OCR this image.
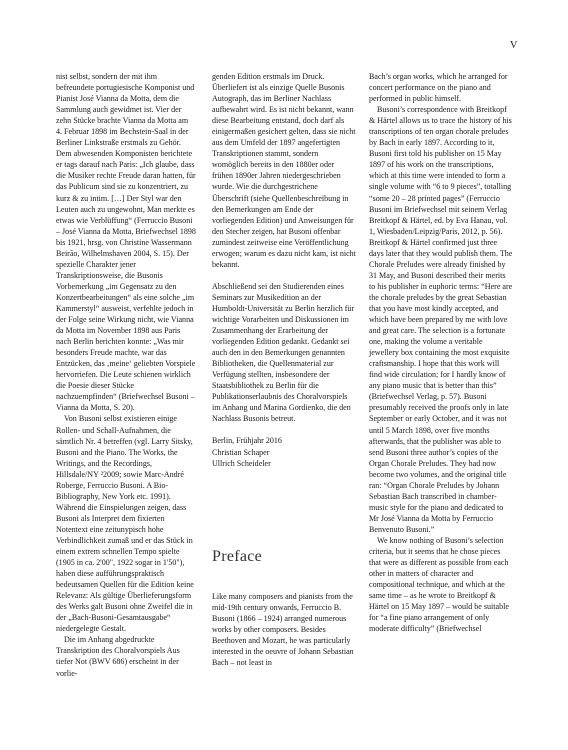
V

nist selbst, sondern der mit ihm befreundete portugiesische Komponist und Pianist José Vianna da Motta, dem die Sammlung auch gewidmet ist. Vier der zehn Stücke brachte Vianna da Motta am 4. Februar 1898 im Bechstein-Saal in der Berliner Linkstraße erstmals zu Gehör. Dem abwesenden Komponisten berichtete er tags darauf nach Paris: „Ich glaube, dass die Musiker rechte Freude daran hatten, für das Publicum sind sie zu konzentriert, zu kurz & zu intim. […] Der Styl war den Leuten auch zu ungewohnt, Man merkte es etwas wie Verblüffung“ (Ferruccio Busoni – José Vianna da Motta, Briefwechsel 1898 bis 1921, hrsg. von Christine Wassermann Beirão, Wilhelmshaven 2004, S. 15). Der spezielle Charakter jener Transkriptionsweise, die Busonis Vorbemerkung „im Gegensatz zu den Konzertbearbeitungen“ als eine solche „im Kammerstyl“ ausweist, verfehlte jedoch in der Folge seine Wirkung nicht, wie Vianna da Motta im November 1898 aus Paris nach Berlin berichten konnte: „Was mir besonders Freude machte, war das Entzücken, das ‚meine‘ geliebten Vorspiele hervorriefen. Die Leute schienen wirklich die Poesie dieser Stücke nachzuempfinden“ (Briefwechsel Busoni – Vianna da Motta, S. 20).

Von Busoni selbst existieren einige Rollen- und Schall-Aufnahmen, die sämtlich Nr. 4 betreffen (vgl. Larry Sitsky, Busoni and the Piano. The Works, the Writings, and the Recordings, Hillsdale/NY ²2009; sowie Marc-André Roberge, Ferruccio Busoni. A Bio-Bibliography, New York etc. 1991). Während die Einspielungen zeigen, dass Busoni als Interpret dem fixierten Notentext eine zeitunypisch hohe Verbindlichkeit zumaß und er das Stück in einem extrem schnellen Tempo spielte (1905 in ca. 2'00", 1922 sogar in 1'50"), haben diese aufführungspraktisch bedeutsamen Quellen für die Edition keine Relevanz: Als gültige Überlieferungsform des Werks galt Busoni ohne Zweifel die in der „Bach-Busoni-Gesamtausgabe“ niedergelegte Gestalt.

Die im Anhang abgedruckte Transkription des Choralvorspiels Aus tiefer Not (BWV 686) erscheint in der vorlie-

genden Edition erstmals im Druck. Überliefert ist als einzige Quelle Busonis Autograph, das im Berliner Nachlass aufbewahrt wird. Es ist nicht bekannt, wann diese Bearbeitung entstand, doch darf als einigermaßen gesichert gelten, dass sie nicht aus dem Umfeld der 1897 angefertigten Transkriptionen stammt, sondern womöglich bereits in den 1880er oder frühen 1890er Jahren niedergeschrieben wurde. Wie die durchgestrichene Überschrift (siehe Quellenbeschreibung in den Bemerkungen am Ende der vorliegenden Edition) und Anweisungen für den Stecher zeigen, hat Busoni offenbar zumindest zeitweise eine Veröffentlichung erwogen; warum es dazu nicht kam, ist nicht bekannt.

Abschließend sei den Studierenden eines Seminars zur Musikedition an der Humboldt-Universität zu Berlin herzlich für wichtige Vorarbeiten und Diskussionen im Zusammenhang der Erarbeitung der vorliegenden Edition gedankt. Gedankt sei auch den in den Bemerkungen genannten Bibliotheken, die Quellenmaterial zur Verfügung stellten, insbesondere der Staatsbibliothek zu Berlin für die Publikationserlaubnis des Choralvorspiels im Anhang und Marina Gordienko, die den Nachlass Busonis betreut.

Berlin, Frühjahr 2016
Christian Schaper
Ullrich Scheideler
Preface

Like many composers and pianists from the mid-19th century onwards, Ferruccio B. Busoni (1866 – 1924) arranged numerous works by other composers. Besides Beethoven and Mozart, he was particularly interested in the oeuvre of Johann Sebastian Bach – not least in

Bach’s organ works, which he arranged for concert performance on the piano and performed in public himself.

Busoni’s correspondence with Breitkopf & Härtel allows us to trace the history of his transcriptions of ten organ chorale preludes by Bach in early 1897. According to it, Busoni first told his publisher on 15 May 1897 of his work on the transcriptions, which at this time were intended to form a single volume with “6 to 9 pieces”, totalling “some 20 – 28 printed pages” (Ferruccio Busoni im Briefwechsel mit seinem Verlag Breitkopf & Härtel, ed. by Eva Hanau, vol. 1, Wiesbaden/Leipzig/Paris, 2012, p. 56). Breitkopf & Härtel confirmed just three days later that they would publish them. The Chorale Preludes were already finished by 31 May, and Busoni described their merits to his publisher in euphoric terms: “Here are the chorale preludes by the great Sebastian that you have most kindly accepted, and which have been prepared by me with love and great care. The selection is a fortunate one, making the volume a veritable jewellery box containing the most exquisite craftsmanship. I hope that this work will find wide circulation; for I hardly know of any piano music that is better than this” (Briefwechsel Verlag, p. 57). Busoni presumably received the proofs only in late September or early October, and it was not until 5 March 1898, over five months afterwards, that the publisher was able to send Busoni three author’s copies of the Organ Chorale Preludes. They had now become two volumes, and the original title ran: “Organ Chorale Preludes by Johann Sebastian Bach transcribed in chamber-music style for the piano and dedicated to Mr José Vianna da Motta by Ferruccio Benvenuto Busoni.”

We know nothing of Busoni’s selection criteria, but it seems that he chose pieces that were as different as possible from each other in matters of character and compositional technique, and which at the same time – as he wrote to Breitkopf & Härtel on 15 May 1897 – would be suitable for “a fine piano arrangement of only moderate difficulty” (Briefwechsel
